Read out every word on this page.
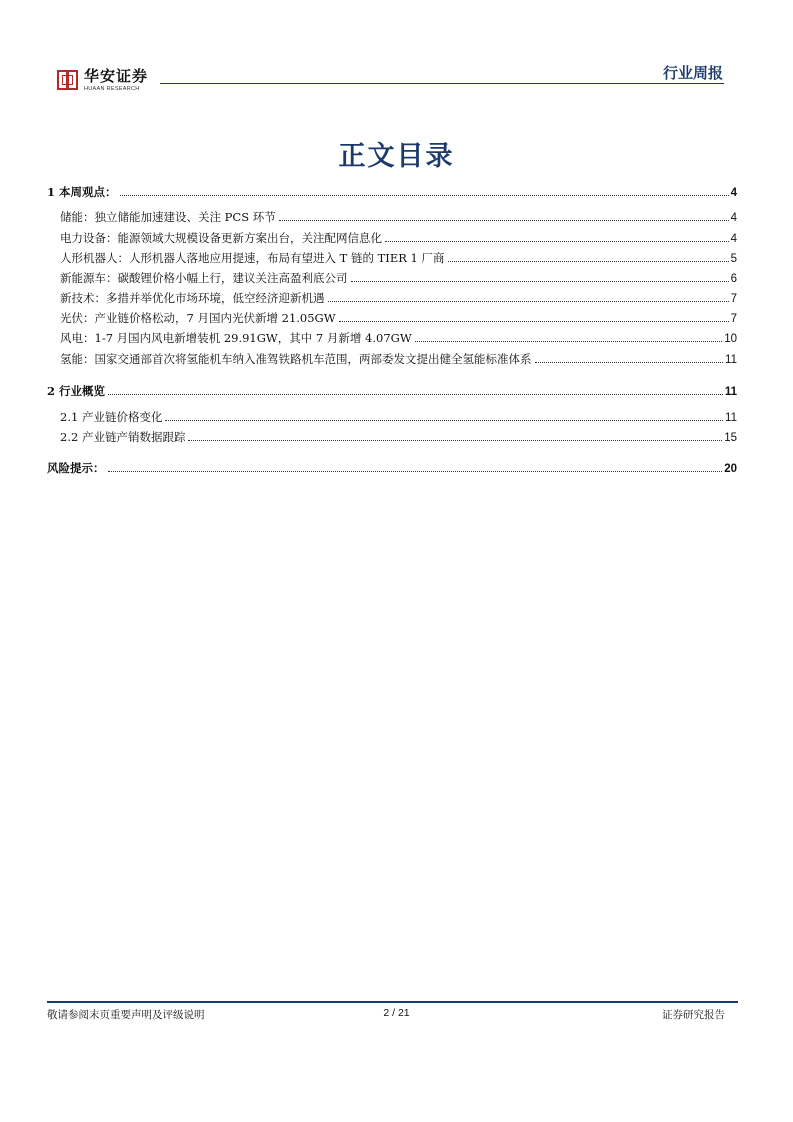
华安证券
HUAAN RESEARCH
行业周报
正文目录
1 本周观点：	4
储能：独立储能加速建设、关注 PCS 环节	4
电力设备：能源领域大规模设备更新方案出台，关注配网信息化	4
人形机器人：人形机器人落地应用提速，布局有望进入 T 链的 TIER 1 厂商	5
新能源车：碳酸锂价格小幅上行，建议关注高盈利底公司	6
新技术：多措并举优化市场环境，低空经济迎新机遇	7
光伏：产业链价格松动，7 月国内光伏新增 21.05GW	7
风电：1-7 月国内风电新增装机 29.91GW，其中 7 月新增 4.07GW	10
氢能：国家交通部首次将氢能机车纳入准驾铁路机车范围，两部委发文提出健全氢能标准体系	11
2 行业概览	11
2.1 产业链价格变化	11
2.2 产业链产销数据跟踪	15
风险提示：	20
敬请参阅末页重要声明及评级说明	2 / 21	证券研究报告
